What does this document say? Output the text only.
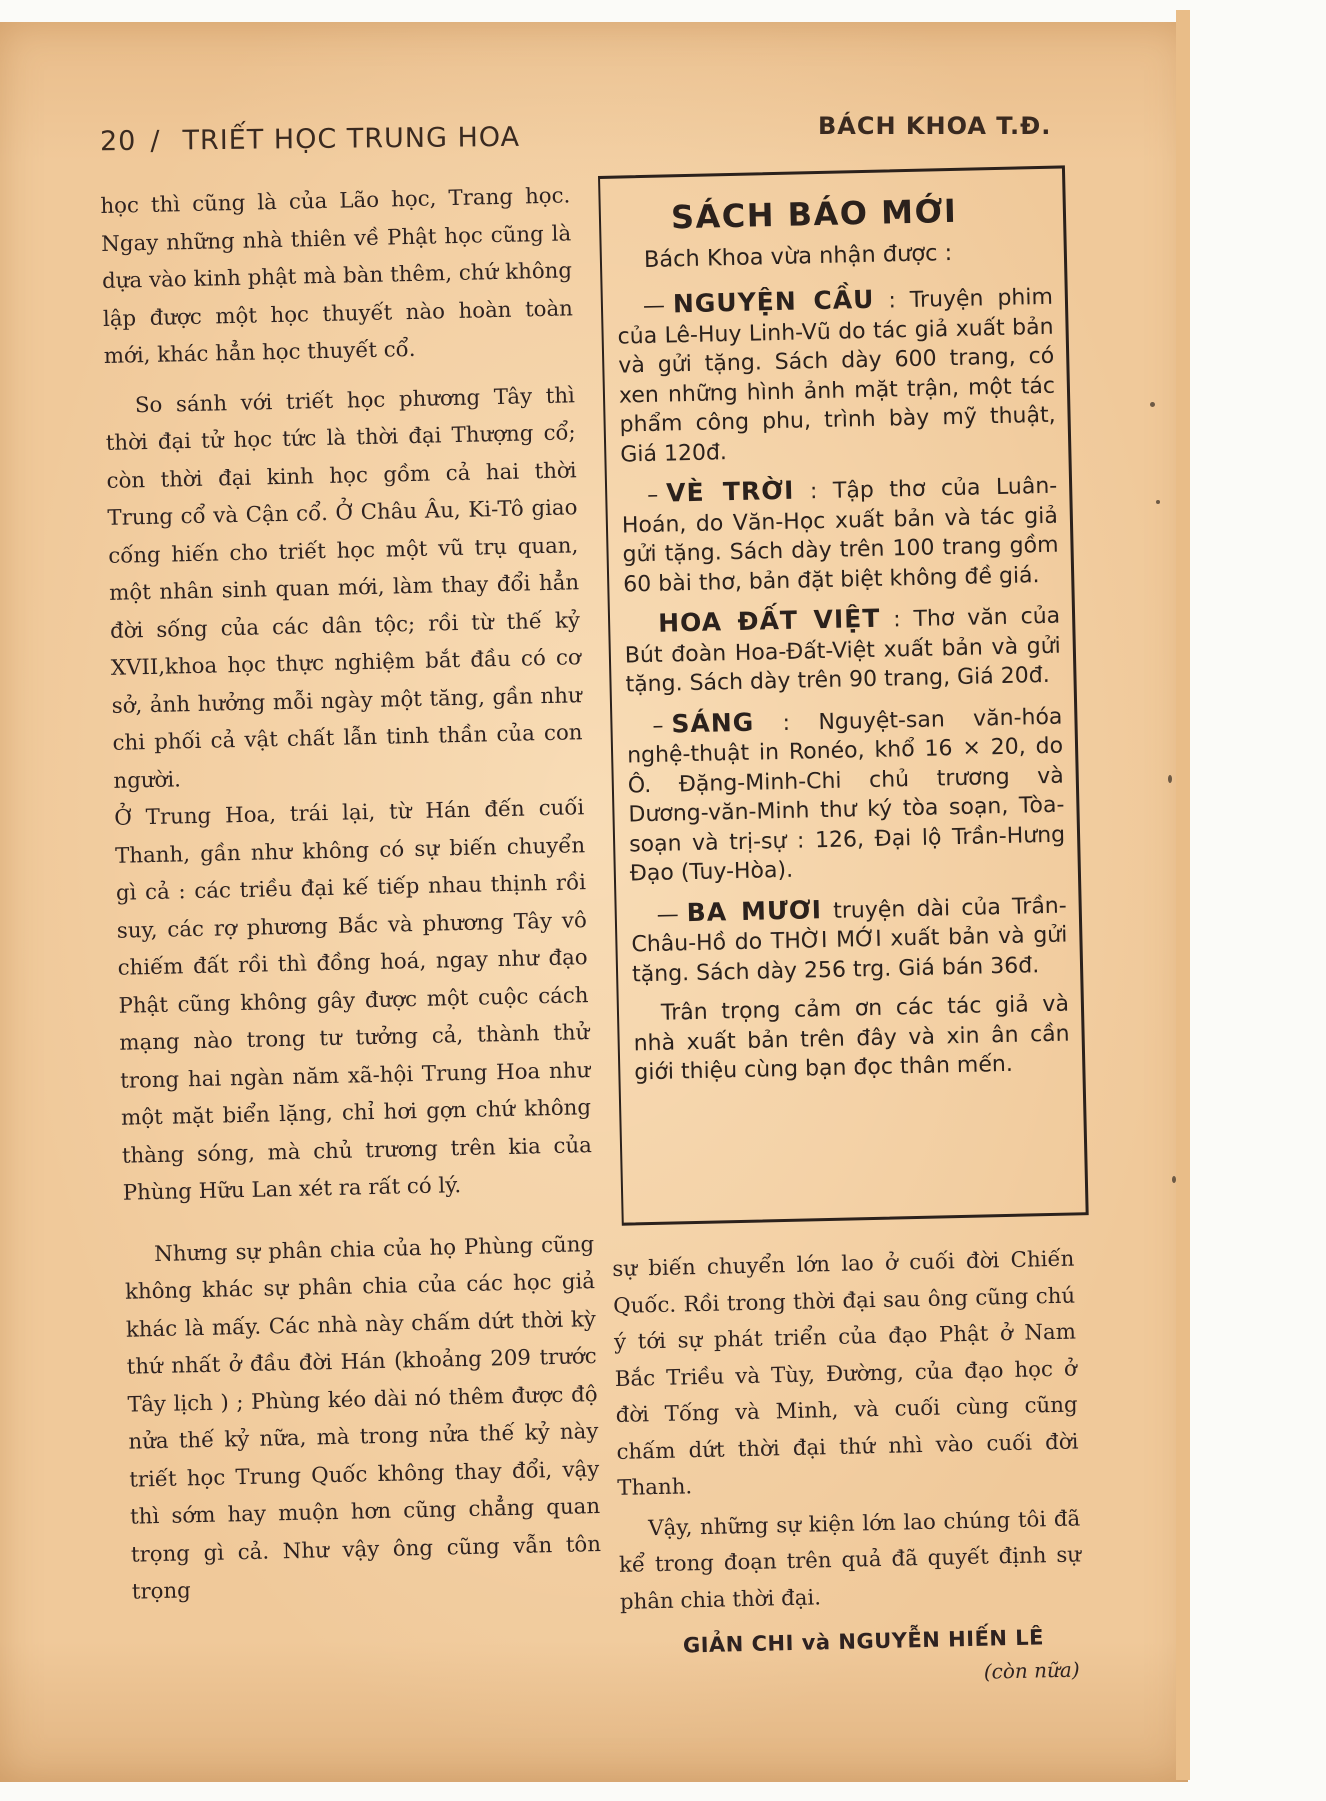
20 / TRIẾT HỌC TRUNG HOA	BÁCH KHOA T.Đ.

học thì cũng là của Lão học, Trang học. Ngay những nhà thiên về Phật học cũng là dựa vào kinh phật mà bàn thêm, chứ không lập được một học thuyết nào hoàn toàn mới, khác hẳn học thuyết cổ.

So sánh với triết học phương Tây thì thời đại tử học tức là thời đại Thượng cổ; còn thời đại kinh học gồm cả hai thời Trung cổ và Cận cổ. Ở Châu Âu, Ki-Tô giao cống hiến cho triết học một vũ trụ quan, một nhân sinh quan mới, làm thay đổi hẳn đời sống của các dân tộc; rồi từ thế kỷ XVII,khoa học thực nghiệm bắt đầu có cơ sở, ảnh hưởng mỗi ngày một tăng, gần như chi phối cả vật chất lẫn tinh thần của con người.

Ở Trung Hoa, trái lại, từ Hán đến cuối Thanh, gần như không có sự biến chuyển gì cả : các triều đại kế tiếp nhau thịnh rồi suy, các rợ phương Bắc và phương Tây vô chiếm đất rồi thì đồng hoá, ngay như đạo Phật cũng không gây được một cuộc cách mạng nào trong tư tưởng cả, thành thử trong hai ngàn năm xã-hội Trung Hoa như một mặt biển lặng, chỉ hơi gợn chứ không thàng sóng, mà chủ trương trên kia của Phùng Hữu Lan xét ra rất có lý.

Nhưng sự phân chia của họ Phùng cũng không khác sự phân chia của các học giả khác là mấy. Các nhà này chấm dứt thời kỳ thứ nhất ở đầu đời Hán (khoảng 209 trước Tây lịch ) ; Phùng kéo dài nó thêm được độ nửa thế kỷ nữa, mà trong nửa thế kỷ này triết học Trung Quốc không thay đổi, vậy thì sớm hay muộn hơn cũng chẳng quan trọng gì cả. Như vậy ông cũng vẫn tôn trọng

SÁCH BÁO MỚI
Bách Khoa vừa nhận được :
— NGUYỆN CẦU : Truyện phim của Lê-Huy Linh-Vũ do tác giả xuất bản và gửi tặng. Sách dày 600 trang, có xen những hình ảnh mặt trận, một tác phẩm công phu, trình bày mỹ thuật, Giá 120đ.
– VÈ TRỜI : Tập thơ của Luân-Hoán, do Văn-Học xuất bản và tác giả gửi tặng. Sách dày trên 100 trang gồm 60 bài thơ, bản đặt biệt không đề giá.
HOA ĐẤT VIỆT : Thơ văn của Bút đoàn Hoa-Đất-Việt xuất bản và gửi tặng. Sách dày trên 90 trang, Giá 20đ.
– SÁNG : Nguyệt-san văn-hóa nghệ-thuật in Ronéo, khổ 16 × 20, do Ô. Đặng-Minh-Chi chủ trương và Dương-văn-Minh thư ký tòa soạn, Tòa-soạn và trị-sự : 126, Đại lộ Trần-Hưng Đạo (Tuy-Hòa).
— BA MƯƠI truyện dài của Trần-Châu-Hồ do THỜI MỚI xuất bản và gửi tặng. Sách dày 256 trg. Giá bán 36đ.
Trân trọng cảm ơn các tác giả và nhà xuất bản trên đây và xin ân cần giới thiệu cùng bạn đọc thân mến.

sự biến chuyển lớn lao ở cuối đời Chiến Quốc. Rồi trong thời đại sau ông cũng chú ý tới sự phát triển của đạo Phật ở Nam Bắc Triều và Tùy, Đường, của đạo học ở đời Tống và Minh, và cuối cùng cũng chấm dứt thời đại thứ nhì vào cuối đời Thanh.

Vậy, những sự kiện lớn lao chúng tôi đã kể trong đoạn trên quả đã quyết định sự phân chia thời đại.

GIẢN CHI và NGUYỄN HIẾN LÊ
(còn nữa)
